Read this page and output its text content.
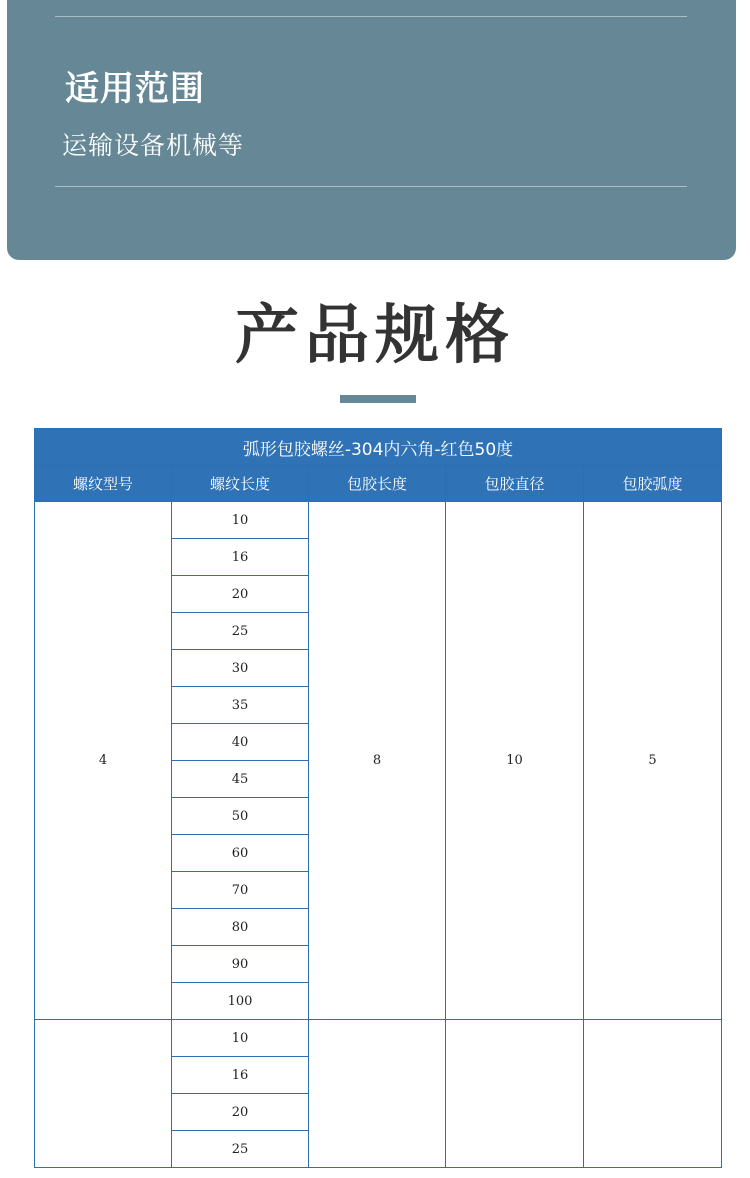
适用范围
运输设备机械等
产品规格
弧形包胶螺丝-304内六角-红色50度				
螺纹型号	螺纹长度	包胶长度	包胶直径	包胶弧度
4	10	8	10	5
	16			
	20			
	25			
	30			
	35			
	40			
	45			
	50			
	60			
	70			
	80			
	90			
	100			
	10			
	16			
	20			
	25			
